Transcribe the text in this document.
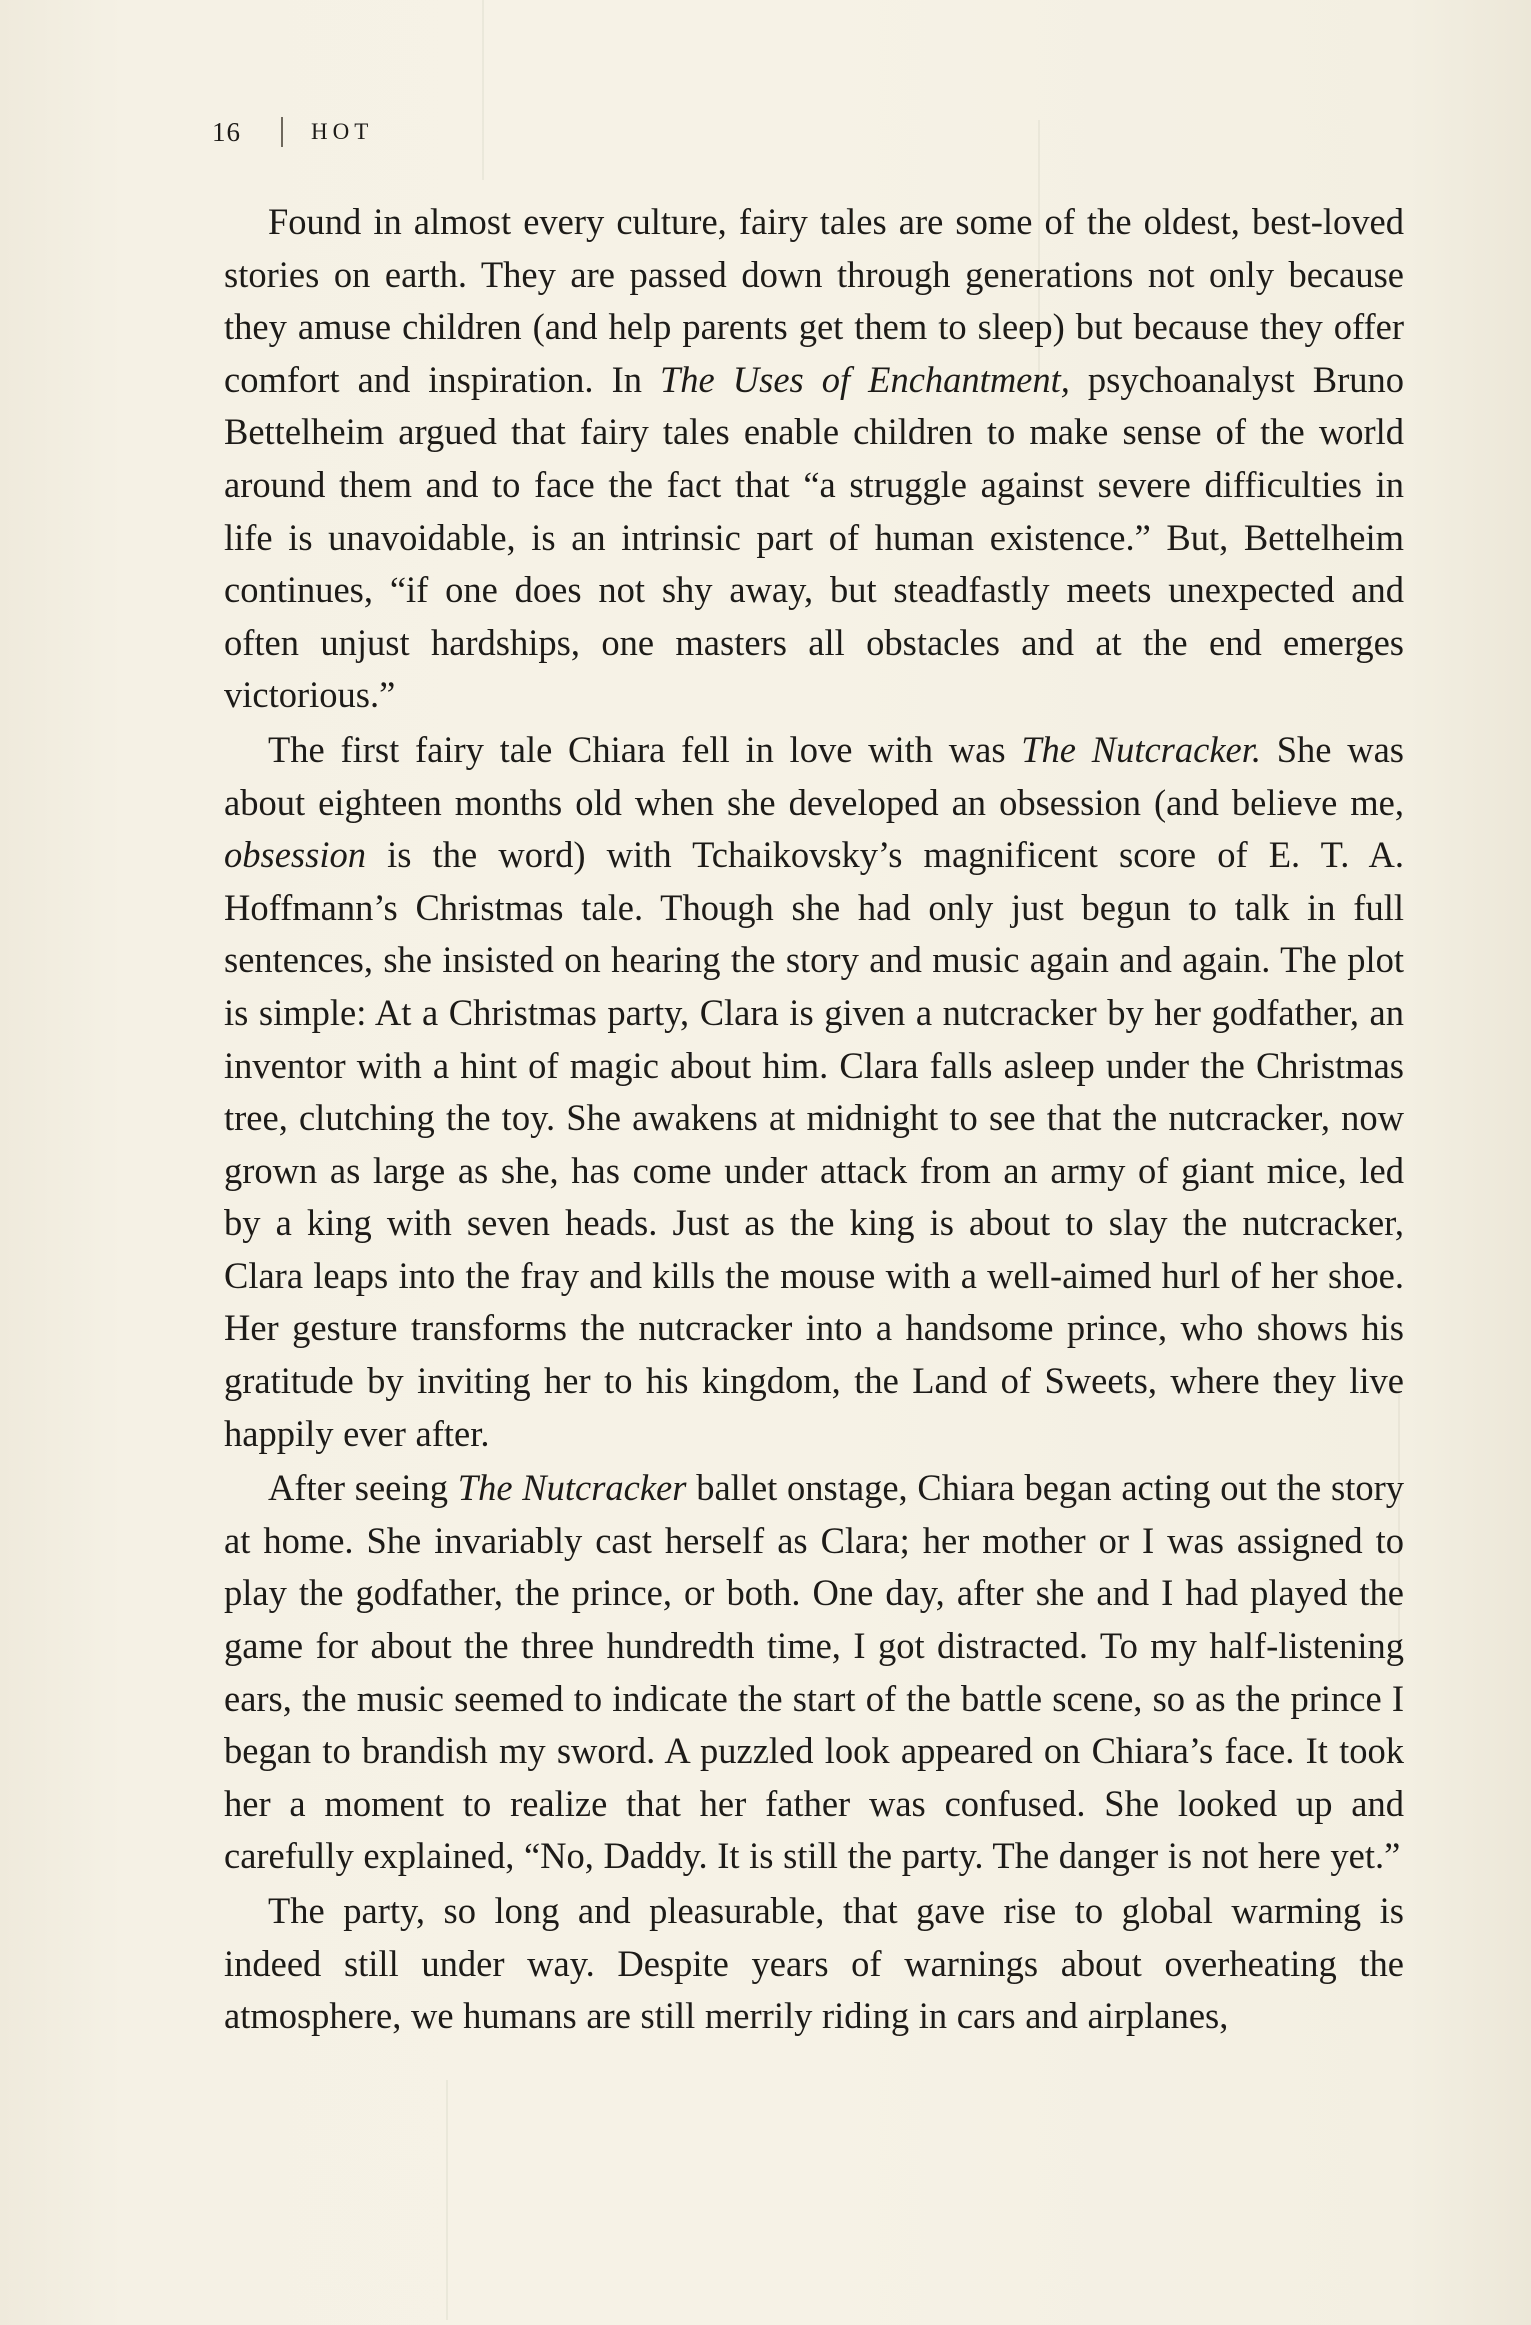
16	HOT

Found in almost every culture, fairy tales are some of the oldest, best-loved stories on earth. They are passed down through generations not only because they amuse children (and help parents get them to sleep) but because they offer comfort and inspiration. In The Uses of Enchantment, psychoanalyst Bruno Bettelheim argued that fairy tales enable children to make sense of the world around them and to face the fact that “a struggle against severe difficulties in life is unavoidable, is an intrinsic part of human existence.” But, Bettelheim continues, “if one does not shy away, but steadfastly meets unexpected and often unjust hardships, one masters all obstacles and at the end emerges victorious.”

The first fairy tale Chiara fell in love with was The Nutcracker. She was about eighteen months old when she developed an obsession (and believe me, obsession is the word) with Tchaikovsky’s magnificent score of E. T. A. Hoffmann’s Christmas tale. Though she had only just begun to talk in full sentences, she insisted on hearing the story and music again and again. The plot is simple: At a Christmas party, Clara is given a nutcracker by her godfather, an inventor with a hint of magic about him. Clara falls asleep under the Christmas tree, clutching the toy. She awakens at midnight to see that the nutcracker, now grown as large as she, has come under attack from an army of giant mice, led by a king with seven heads. Just as the king is about to slay the nutcracker, Clara leaps into the fray and kills the mouse with a well-aimed hurl of her shoe. Her gesture transforms the nutcracker into a handsome prince, who shows his gratitude by inviting her to his kingdom, the Land of Sweets, where they live happily ever after.

After seeing The Nutcracker ballet onstage, Chiara began acting out the story at home. She invariably cast herself as Clara; her mother or I was assigned to play the godfather, the prince, or both. One day, after she and I had played the game for about the three hundredth time, I got distracted. To my half-listening ears, the music seemed to indicate the start of the battle scene, so as the prince I began to brandish my sword. A puzzled look appeared on Chiara’s face. It took her a moment to realize that her father was confused. She looked up and carefully explained, “No, Daddy. It is still the party. The danger is not here yet.”

The party, so long and pleasurable, that gave rise to global warming is indeed still under way. Despite years of warnings about overheating the atmosphere, we humans are still merrily riding in cars and airplanes,
